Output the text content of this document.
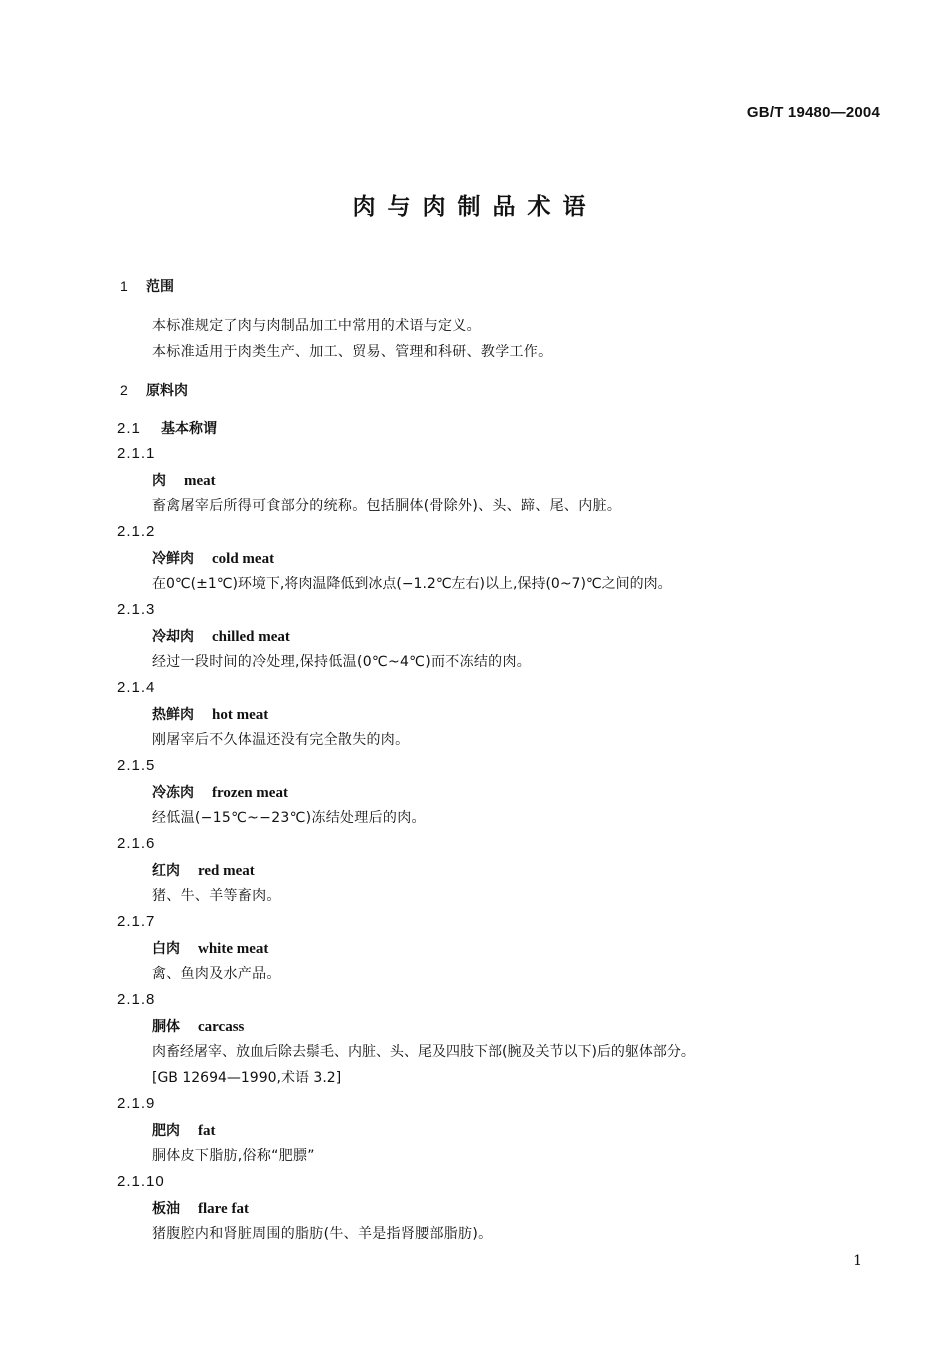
GB/T 19480—2004
肉与肉制品术语
1 范围
本标准规定了肉与肉制品加工中常用的术语与定义。
本标准适用于肉类生产、加工、贸易、管理和科研、教学工作。
2 原料肉
2.1 基本称谓
2.1.1
肉 meat
畜禽屠宰后所得可食部分的统称。包括胴体(骨除外)、头、蹄、尾、内脏。
2.1.2
冷鲜肉 cold meat
在0℃(±1℃)环境下,将肉温降低到冰点(−1.2℃左右)以上,保持(0~7)℃之间的肉。
2.1.3
冷却肉 chilled meat
经过一段时间的冷处理,保持低温(0℃~4℃)而不冻结的肉。
2.1.4
热鲜肉 hot meat
刚屠宰后不久体温还没有完全散失的肉。
2.1.5
冷冻肉 frozen meat
经低温(−15℃~−23℃)冻结处理后的肉。
2.1.6
红肉 red meat
猪、牛、羊等畜肉。
2.1.7
白肉 white meat
禽、鱼肉及水产品。
2.1.8
胴体 carcass
肉畜经屠宰、放血后除去鬃毛、内脏、头、尾及四肢下部(腕及关节以下)后的躯体部分。
[GB 12694—1990,术语 3.2]
2.1.9
肥肉 fat
胴体皮下脂肪,俗称“肥膘”
2.1.10
板油 flare fat
猪腹腔内和肾脏周围的脂肪(牛、羊是指肾腰部脂肪)。
1
